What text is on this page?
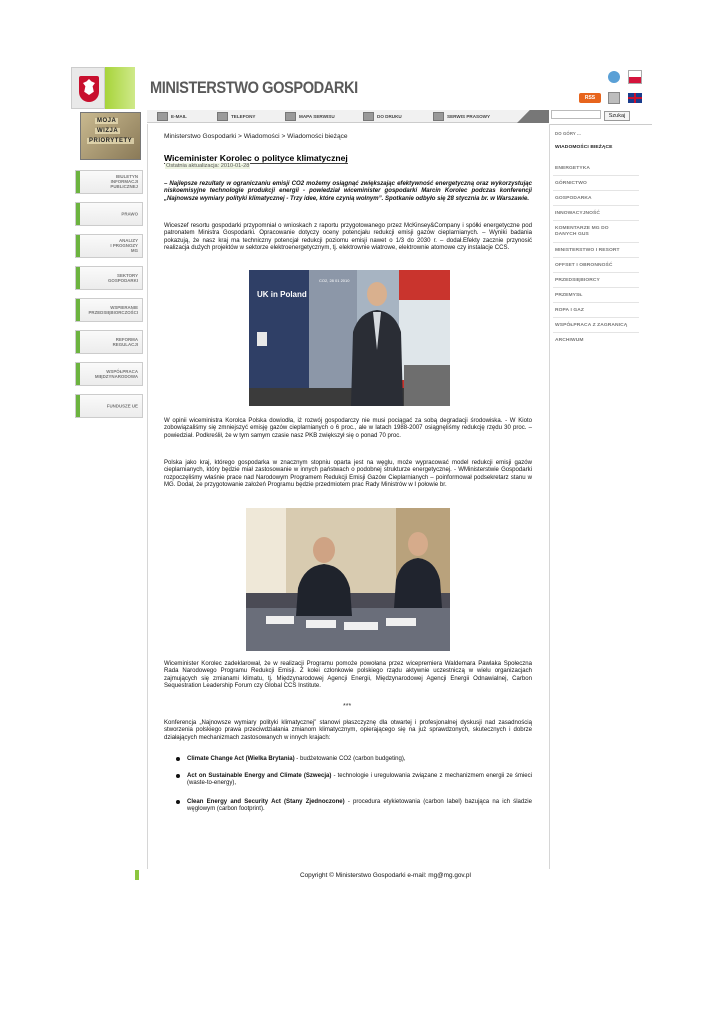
MINISTERSTWO GOSPODARKI
RSS
E-MAIL	TELEFONY	MAPA SERWISU	DO DRUKU	SERWIS PRASOWY	Szukaj
MOJA
WIZJA
PRIORYTETY
BIULETYN
INFORMACJI
PUBLICZNEJ
PRAWO
ANALIZY
I PROGNOZY
MG
SEKTORY
GOSPODARKI
WSPIERANIE
PRZEDSIĘBIORCZOŚCI
REFORMA
REGULACJI
WSPÓŁPRACA
MIĘDZYNARODOWA
FUNDUSZE UE
Ministerstwo Gospodarki > Wiadomości > Wiadomości bieżące
Wiceminister Korolec o polityce klimatycznej
Ostatnia aktualizacja: 2010-01-28
– Najlepsze rezultaty w ograniczaniu emisji CO2 możemy osiągnąć zwiększając efektywność energetyczną oraz wykorzystując niskoemisyjne technologie produkcji energii - powiedział wiceminister gospodarki Marcin Korolec podczas konferencji „Najnowsze wymiary polityki klimatycznej - Trzy idee, które czynią wolnym”. Spotkanie odbyło się 28 stycznia br. w Warszawie.
Wiceszef resortu gospodarki przypomniał o wnioskach z raportu przygotowanego przez McKinsey&Company i spółki energetyczne pod patronatem Ministra Gospodarki. Opracowanie dotyczy oceny potencjału redukcji emisji gazów cieplarnianych. – Wyniki badania pokazują, że nasz kraj ma techniczny potencjał redukcji poziomu emisji nawet o 1/3 do 2030 r. – dodał.Efekty zacznie przynosić realizacja dużych projektów w sektorze elektroenergetycznym, tj. elektrownie wiatrowe, elektrownie atomowe czy instalacje CCS.
UK in Poland
CO2, 28 01 2010
W opinii wiceministra Korolca Polska dowiodła, iż rozwój gospodarczy nie musi pociągać za sobą degradacji środowiska. - W Kioto zobowiązaliśmy się zmniejszyć emisję gazów cieplarnianych o 6 proc., ale w latach 1988-2007 osiągnęliśmy redukcję rzędu 30 proc. – powiedział. Podkreślił, że w tym samym czasie nasz PKB zwiększył się o ponad 70 proc.
Polska jako kraj, którego gospodarka w znacznym stopniu oparta jest na węglu, może wypracować model redukcji emisji gazów cieplarnianych, który będzie miał zastosowanie w innych państwach o podobnej strukturze energetycznej. - WMinisterstwie Gospodarki rozpoczęliśmy właśnie prace nad Narodowym Programem Redukcji Emisji Gazów Cieplarnianych – poinformował podsekretarz stanu w MG. Dodał, że przygotowanie założeń Programu będzie przedmiotem prac Rady Ministrów w I połowie br.
Wiceminister Korolec zadeklarował, że w realizacji Programu pomoże powołana przez wicepremiera Waldemara Pawlaka Społeczna Rada Narodowego Programu Redukcji Emisji. Z kolei członkowie polskiego rządu aktywnie uczestniczą w wielu organizacjach zajmujących się zmianami klimatu, tj. Międzynarodowej Agencji Energii, Międzynarodowej Agencji Energii Odnawialnej, Carbon Sequestration Leadership Forum czy Global CCS Institute.
***
Konferencja „Najnowsze wymiary polityki klimatycznej” stanowi płaszczyznę dla otwartej i profesjonalnej dyskusji nad zasadnością stworzenia polskiego prawa przeciwdziałania zmianom klimatycznym, opierającego się na już sprawdzonych, skutecznych i dobrze działających mechanizmach zastosowanych w innych krajach:
Climate Change Act (Wielka Brytania) - budżetowanie CO2 (carbon budgeting),
Act on Sustainable Energy and Climate (Szwecja) - technologie i uregulowania związane z mechanizmem energii ze śmieci (waste-to-energy),
Clean Energy and Security Act (Stany Zjednoczone) - procedura etykietowania (carbon label) bazująca na ich śladzie węglowym (carbon footprint).
DO GÓRY ...
WIADOMOŚCI BIEŻĄCE
ENERGETYKA
GÓRNICTWO
GOSPODARKA
INNOWACYJNOŚĆ
KOMENTARZE MG DO
DANYCH GUS
MINISTERSTWO I RESORT
OFFSET I OBRONNOŚĆ
PRZEDSIĘBIORCY
PRZEMYSŁ
ROPA I GAZ
WSPÓŁPRACA Z ZAGRANICĄ
ARCHIWUM
Copyright © Ministerstwo Gospodarki e-mail: mg@mg.gov.pl
